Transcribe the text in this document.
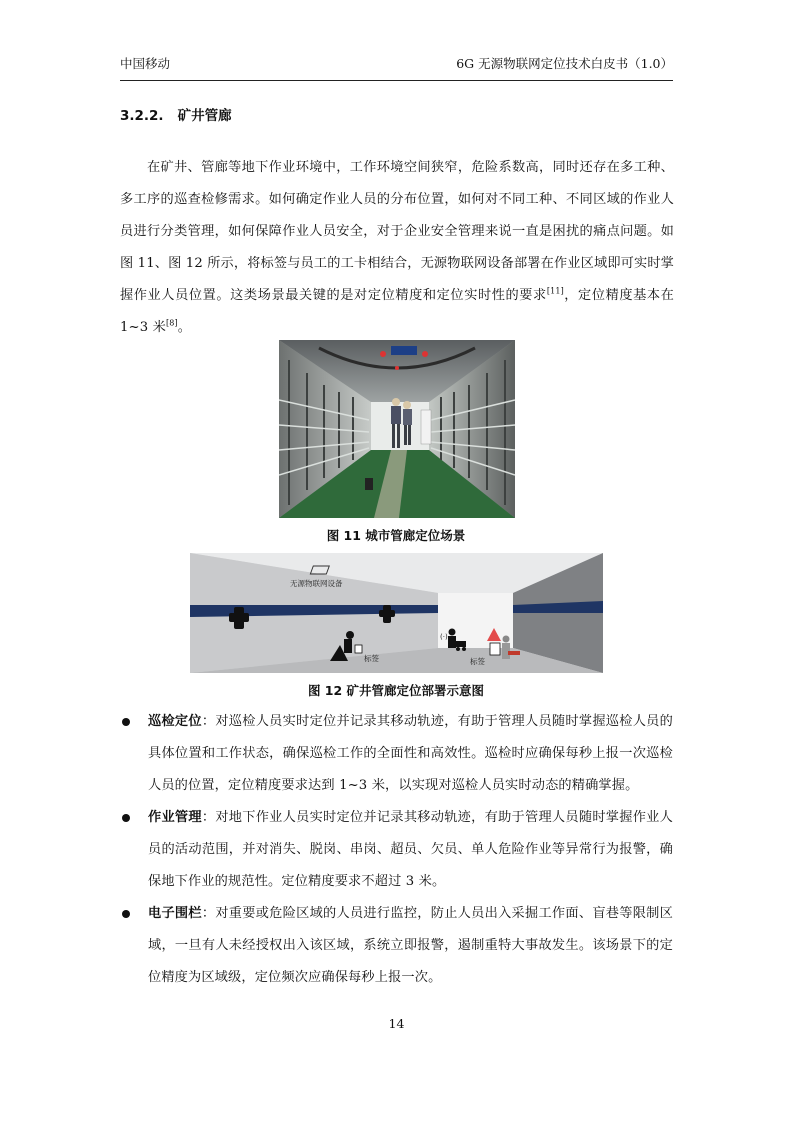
中国移动	6G 无源物联网定位技术白皮书（1.0）
3.2.2. 矿井管廊
在矿井、管廊等地下作业环境中，工作环境空间狭窄，危险系数高，同时还存在多工种、多工序的巡查检修需求。如何确定作业人员的分布位置，如何对不同工种、不同区域的作业人员进行分类管理，如何保障作业人员安全，对于企业安全管理来说一直是困扰的痛点问题。如图 11、图 12 所示，将标签与员工的工卡相结合，无源物联网设备部署在作业区域即可实时掌握作业人员位置。这类场景最关键的是对定位精度和定位实时性的要求[11]，定位精度基本在 1~3 米[8]。
图 11 城市管廊定位场景
无源物联网设备
标签
(·)
标签
图 12 矿井管廊定位部署示意图
巡检定位：对巡检人员实时定位并记录其移动轨迹，有助于管理人员随时掌握巡检人员的具体位置和工作状态，确保巡检工作的全面性和高效性。巡检时应确保每秒上报一次巡检人员的位置，定位精度要求达到 1~3 米，以实现对巡检人员实时动态的精确掌握。
作业管理：对地下作业人员实时定位并记录其移动轨迹，有助于管理人员随时掌握作业人员的活动范围，并对消失、脱岗、串岗、超员、欠员、单人危险作业等异常行为报警，确保地下作业的规范性。定位精度要求不超过 3 米。
电子围栏：对重要或危险区域的人员进行监控，防止人员出入采掘工作面、盲巷等限制区域，一旦有人未经授权出入该区域，系统立即报警，遏制重特大事故发生。该场景下的定位精度为区域级，定位频次应确保每秒上报一次。
14
